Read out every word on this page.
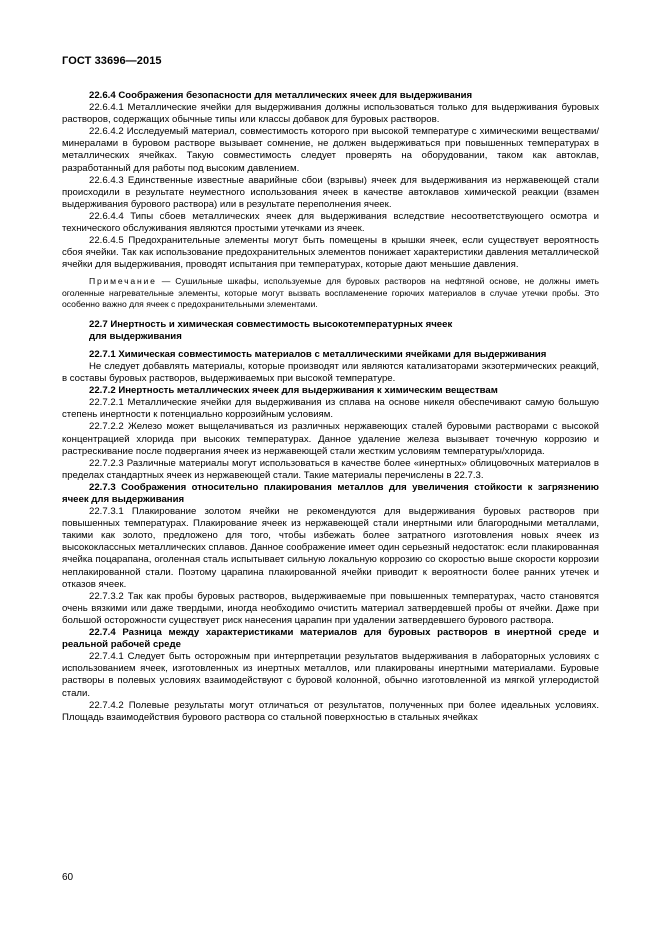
ГОСТ 33696—2015

22.6.4 Соображения безопасности для металлических ячеек для выдерживания

22.6.4.1 Металлические ячейки для выдерживания должны использоваться только для выдерживания буровых растворов, содержащих обычные типы или классы добавок для буровых растворов.

22.6.4.2 Исследуемый материал, совместимость которого при высокой температуре с химическими веществами/минералами в буровом растворе вызывает сомнение, не должен выдерживаться при повышенных температурах в металлических ячейках. Такую совместимость следует проверять на оборудовании, таком как автоклав, разработанный для работы под высоким давлением.

22.6.4.3 Единственные известные аварийные сбои (взрывы) ячеек для выдерживания из нержавеющей стали происходили в результате неуместного использования ячеек в качестве автоклавов химической реакции (взамен выдерживания бурового раствора) или в результате переполнения ячеек.

22.6.4.4 Типы сбоев металлических ячеек для выдерживания вследствие несоответствующего осмотра и технического обслуживания являются простыми утечками из ячеек.

22.6.4.5 Предохранительные элементы могут быть помещены в крышки ячеек, если существует вероятность сбоя ячейки. Так как использование предохранительных элементов понижает характеристики давления металлической ячейки для выдерживания, проводят испытания при температурах, которые дают меньшие давления.

Примечание — Сушильные шкафы, используемые для буровых растворов на нефтяной основе, не должны иметь оголенные нагревательные элементы, которые могут вызвать воспламенение горючих материалов в случае утечки пробы. Это особенно важно для ячеек с предохранительными элементами.

22.7 Инертность и химическая совместимость высокотемпературных ячеек

для выдерживания

22.7.1 Химическая совместимость материалов с металлическими ячейками для выдерживания

Не следует добавлять материалы, которые производят или являются катализаторами экзотермических реакций, в составы буровых растворов, выдерживаемых при высокой температуре.

22.7.2 Инертность металлических ячеек для выдерживания к химическим веществам

22.7.2.1 Металлические ячейки для выдерживания из сплава на основе никеля обеспечивают самую большую степень инертности к потенциально коррозийным условиям.

22.7.2.2 Железо может выщелачиваться из различных нержавеющих сталей буровыми растворами с высокой концентрацией хлорида при высоких температурах. Данное удаление железа вызывает точечную коррозию и растрескивание после подвергания ячеек из нержавеющей стали жестким условиям температуры/хлорида.

22.7.2.3 Различные материалы могут использоваться в качестве более «инертных» облицовочных материалов в пределах стандартных ячеек из нержавеющей стали. Такие материалы перечислены в 22.7.3.

22.7.3 Соображения относительно плакирования металлов для увеличения стойкости к загрязнению ячеек для выдерживания

22.7.3.1 Плакирование золотом ячейки не рекомендуются для выдерживания буровых растворов при повышенных температурах. Плакирование ячеек из нержавеющей стали инертными или благородными металлами, такими как золото, предложено для того, чтобы избежать более затратного изготовления новых ячеек из высококлассных металлических сплавов. Данное соображение имеет один серьезный недостаток: если плакированная ячейка поцарапана, оголенная сталь испытывает сильную локальную коррозию со скоростью выше скорости коррозии неплакированной стали. Поэтому царапина плакированной ячейки приводит к вероятности более ранних утечек и отказов ячеек.

22.7.3.2 Так как пробы буровых растворов, выдерживаемые при повышенных температурах, часто становятся очень вязкими или даже твердыми, иногда необходимо очистить материал затвердевшей пробы от ячейки. Даже при большой осторожности существует риск нанесения царапин при удалении затвердевшего бурового раствора.

22.7.4 Разница между характеристиками материалов для буровых растворов в инертной среде и реальной рабочей среде

22.7.4.1 Следует быть осторожным при интерпретации результатов выдерживания в лабораторных условиях с использованием ячеек, изготовленных из инертных металлов, или плакированы инертными материалами. Буровые растворы в полевых условиях взаимодействуют с буровой колонной, обычно изготовленной из мягкой углеродистой стали.

22.7.4.2 Полевые результаты могут отличаться от результатов, полученных при более идеальных условиях. Площадь взаимодействия бурового раствора со стальной поверхностью в стальных ячейках

60
